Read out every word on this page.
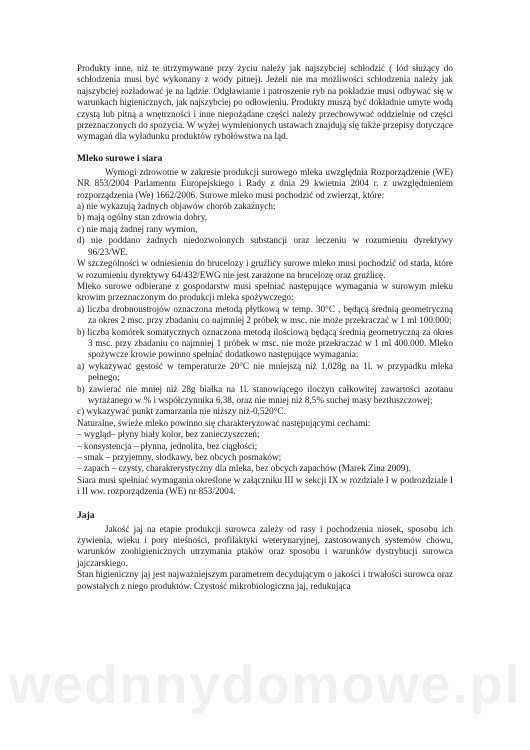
wednnydomowe.pl

Produkty inne, niż te utrzymywane przy życiu należy jak najszybciej schłodzić ( lód służący do schłodzenia musi być wykonany z wody pitnej). Jeżeli nie ma możliwości schłodzenia należy jak najszybciej rozładować je na lądzie. Odgławianie i patroszenie ryb na pokładzie musi odbywać się w warunkach higienicznych, jak najszybciej po odłowieniu. Produkty muszą być dokładnie umyte wodą czystą lub pitną a wnętrzności i inne niepożądane części należy przechowywać oddzielnie od części przeznaczonych do spożycia. W wyżej wymienionych ustawach znajdują się także przepisy dotyczące wymagań dla wyładunku produktów rybołówstwa na ląd.

Mleko surowe i siara

Wymogi zdrowotne w zakresie produkcji surowego mleka uwzględnia Rozporządzenie (WE) NR 853/2004 Parlamentu Europejskiego i Rady z dnia 29 kwietnia 2004 r. z uwzględnieniem rozporządzenia (We) 1662/2006. Surowe mleko musi pochodzić od zwierząt, które:

a) nie wykazują żadnych objawów chorób zakaźnych;

b) mają ogólny stan zdrowia dobry,

c) nie mają żadnej rany wymion,

d) nie poddano żadnych niedozwolonych substancji oraz leczeniu w rozumieniu dyrektywy 96/23/WE.

W szczególności w odniesieniu do brucelozy i gruźlicy surowe mleko musi pochodzić od stada, które w rozumieniu dyrektywy 64/432/EWG nie jest zarażone na brucelozę oraz gruźlicę.

Mleko surowe odbierane z gospodarstw musi spełniać następujące wymagania w surowym mleku krowim przeznaczonym do produkcji mleka spożywczego:

a) liczba drobnoustrojów oznaczona metodą płytkową w temp. 30°C , będącą średnią geometryczną za okres 2 msc. przy zbadaniu co najmniej 2 próbek w msc. nie może przekraczać w 1 ml 100.000;

b) liczba komórek somatycznych oznaczona metodą ilościową będącą średnią geometryczną za okres 3 msc. przy zbadaniu co najmniej 1 próbek w msc. nie może przekraczać w 1 ml 400.000. Mleko spożywcze krowie powinno spełniać dodatkowo następujące wymagania:

a) wykazywać gęstość w temperaturze 20°C nie mniejszą niż 1,028g na 1l. w przypadku mleka pełnego;

b) zawierać nie mniej niż 28g białka na 1l. stanowiącego iloczyn całkowitej zawartości azotanu wyrażanego w % i współczynnika 6,38, oraz nie mniej niż 8,5% suchej masy beztłuszczowej;

c) wykazywać punkt zamarzania nie niższy niż-0,520°C.

Naturalne, świeże mleko powinno się charakteryzować następującymi cechami:

– wygląd– płyny biały kolor, bez zanieczyszczeń;

– konsystencja – płynna, jednolita, bez ciągłości;

– smak – przyjemny, słodkawy, bez obcych posmaków;

– zapach – czysty, charakterystyczny dla mleka, bez obcych zapachów (Marek Zina 2009).

Siara musi spełniać wymagania określone w załączniku III w sekcji IX w rozdziale I w podrozdziale I i II ww. rozporządzenia (WE) nr 853/2004.

Jaja

Jakość jaj na etapie produkcji surowca zależy od rasy i pochodzenia niosek, sposobu ich żywienia, wieku i pory nieśności, profilaktyki weterynaryjnej, zastosowanych systemów chowu, warunków zoohigienicznych utrzymania ptaków oraz sposobu i warunków dystrybucji surowca jajczarskiego.

Stan higieniczny jaj jest najważniejszym parametrem decydującym o jakości i trwałości surowca oraz powstałych z niego produktów. Czystość mikrobiologiczna jaj, redukująca
